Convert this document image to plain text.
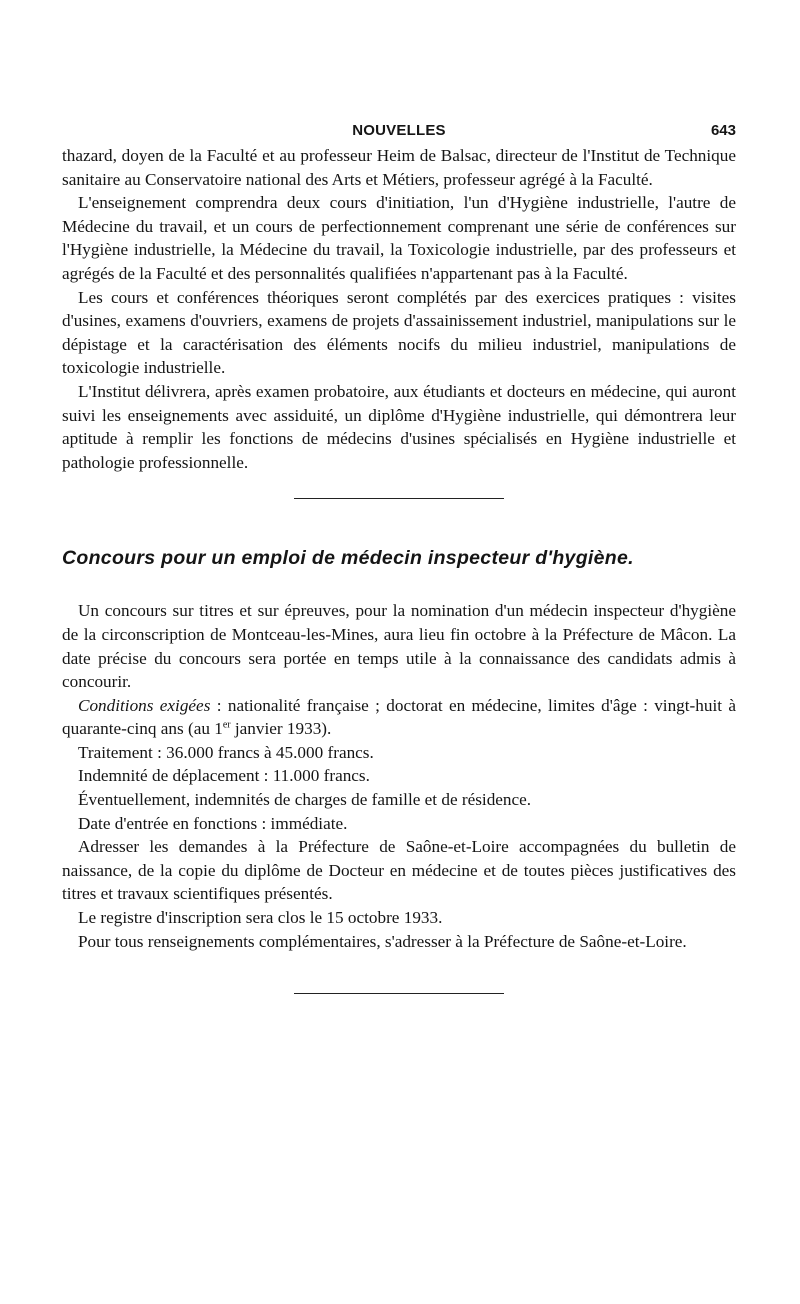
NOUVELLES	643

thazard, doyen de la Faculté et au professeur Heim de Balsac, directeur de l'Institut de Technique sanitaire au Conservatoire national des Arts et Métiers, professeur agrégé à la Faculté.

L'enseignement comprendra deux cours d'initiation, l'un d'Hygiène industrielle, l'autre de Médecine du travail, et un cours de perfectionnement comprenant une série de conférences sur l'Hygiène industrielle, la Médecine du travail, la Toxicologie industrielle, par des professeurs et agrégés de la Faculté et des personnalités qualifiées n'appartenant pas à la Faculté.

Les cours et conférences théoriques seront complétés par des exercices pratiques : visites d'usines, examens d'ouvriers, examens de projets d'assainissement industriel, manipulations sur le dépistage et la caractérisation des éléments nocifs du milieu industriel, manipulations de toxicologie industrielle.

L'Institut délivrera, après examen probatoire, aux étudiants et docteurs en médecine, qui auront suivi les enseignements avec assiduité, un diplôme d'Hygiène industrielle, qui démontrera leur aptitude à remplir les fonctions de médecins d'usines spécialisés en Hygiène industrielle et pathologie professionnelle.

Concours pour un emploi de médecin inspecteur d'hygiène.

Un concours sur titres et sur épreuves, pour la nomination d'un médecin inspecteur d'hygiène de la circonscription de Montceau-les-Mines, aura lieu fin octobre à la Préfecture de Mâcon. La date précise du concours sera portée en temps utile à la connaissance des candidats admis à concourir.

Conditions exigées : nationalité française ; doctorat en médecine, limites d'âge : vingt-huit à quarante-cinq ans (au 1er janvier 1933).

Traitement : 36.000 francs à 45.000 francs.

Indemnité de déplacement : 11.000 francs.

Éventuellement, indemnités de charges de famille et de résidence.

Date d'entrée en fonctions : immédiate.

Adresser les demandes à la Préfecture de Saône-et-Loire accompagnées du bulletin de naissance, de la copie du diplôme de Docteur en médecine et de toutes pièces justificatives des titres et travaux scientifiques présentés.

Le registre d'inscription sera clos le 15 octobre 1933.

Pour tous renseignements complémentaires, s'adresser à la Préfecture de Saône-et-Loire.
